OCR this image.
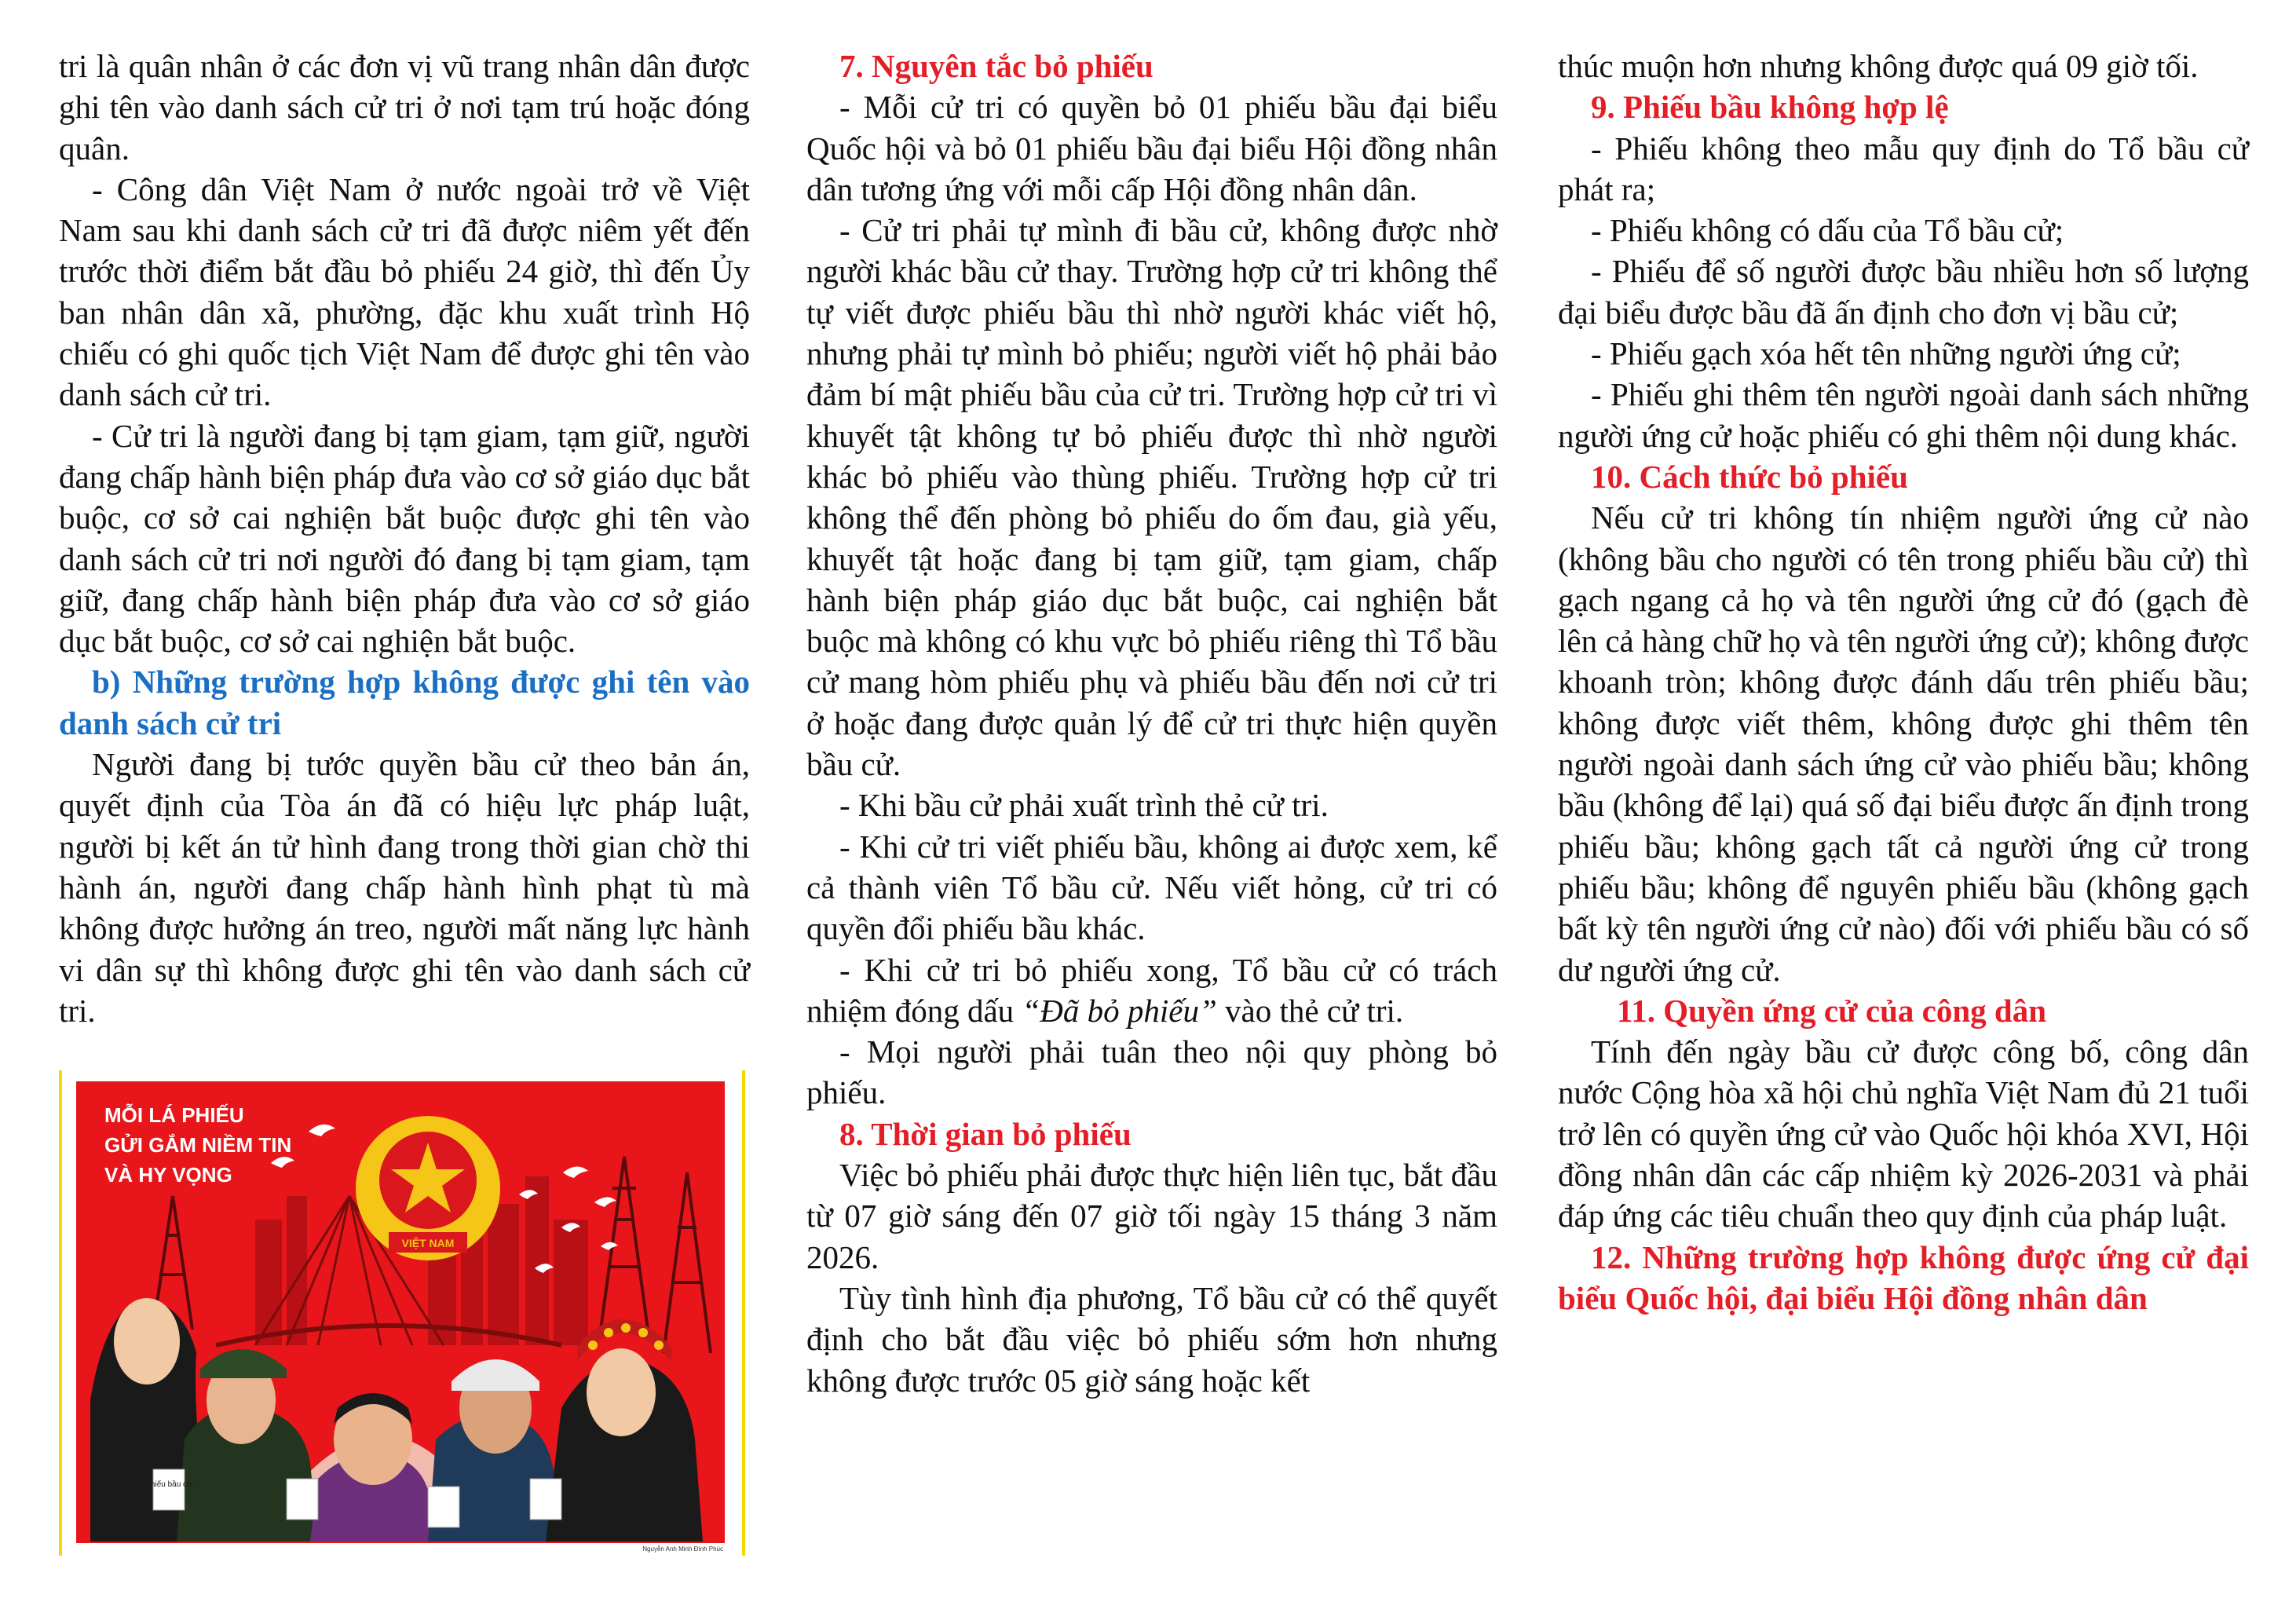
tri là quân nhân ở các đơn vị vũ trang nhân dân được ghi tên vào danh sách cử tri ở nơi tạm trú hoặc đóng quân.

- Công dân Việt Nam ở nước ngoài trở về Việt Nam sau khi danh sách cử tri đã được niêm yết đến trước thời điểm bắt đầu bỏ phiếu 24 giờ, thì đến Ủy ban nhân dân xã, phường, đặc khu xuất trình Hộ chiếu có ghi quốc tịch Việt Nam để được ghi tên vào danh sách cử tri.

- Cử tri là người đang bị tạm giam, tạm giữ, người đang chấp hành biện pháp đưa vào cơ sở giáo dục bắt buộc, cơ sở cai nghiện bắt buộc được ghi tên vào danh sách cử tri nơi người đó đang bị tạm giam, tạm giữ, đang chấp hành biện pháp đưa vào cơ sở giáo dục bắt buộc, cơ sở cai nghiện bắt buộc.

b) Những trường hợp không được ghi tên vào danh sách cử tri

Người đang bị tước quyền bầu cử theo bản án, quyết định của Tòa án đã có hiệu lực pháp luật, người bị kết án tử hình đang trong thời gian chờ thi hành án, người đang chấp hành hình phạt tù mà không được hưởng án treo, người mất năng lực hành vi dân sự thì không được ghi tên vào danh sách cử tri.

MỖI LÁ PHIẾU
GỬI GẮM NIỀM TIN
VÀ HY VỌNG
VIỆT NAM
Phiếu bầu cử
Nguyễn Anh Minh Đình Phúc
7. Nguyên tắc bỏ phiếu

- Mỗi cử tri có quyền bỏ 01 phiếu bầu đại biểu Quốc hội và bỏ 01 phiếu bầu đại biểu Hội đồng nhân dân tương ứng với mỗi cấp Hội đồng nhân dân.

- Cử tri phải tự mình đi bầu cử, không được nhờ người khác bầu cử thay. Trường hợp cử tri không thể tự viết được phiếu bầu thì nhờ người khác viết hộ, nhưng phải tự mình bỏ phiếu; người viết hộ phải bảo đảm bí mật phiếu bầu của cử tri. Trường hợp cử tri vì khuyết tật không tự bỏ phiếu được thì nhờ người khác bỏ phiếu vào thùng phiếu. Trường hợp cử tri không thể đến phòng bỏ phiếu do ốm đau, già yếu, khuyết tật hoặc đang bị tạm giữ, tạm giam, chấp hành biện pháp giáo dục bắt buộc, cai nghiện bắt buộc mà không có khu vực bỏ phiếu riêng thì Tổ bầu cử mang hòm phiếu phụ và phiếu bầu đến nơi cử tri ở hoặc đang được quản lý để cử tri thực hiện quyền bầu cử.

- Khi bầu cử phải xuất trình thẻ cử tri.

- Khi cử tri viết phiếu bầu, không ai được xem, kể cả thành viên Tổ bầu cử. Nếu viết hỏng, cử tri có quyền đổi phiếu bầu khác.

- Khi cử tri bỏ phiếu xong, Tổ bầu cử có trách nhiệm đóng dấu “Đã bỏ phiếu” vào thẻ cử tri.

- Mọi người phải tuân theo nội quy phòng bỏ phiếu.

8. Thời gian bỏ phiếu

Việc bỏ phiếu phải được thực hiện liên tục, bắt đầu từ 07 giờ sáng đến 07 giờ tối ngày 15 tháng 3 năm 2026.

Tùy tình hình địa phương, Tổ bầu cử có thể quyết định cho bắt đầu việc bỏ phiếu sớm hơn nhưng không được trước 05 giờ sáng hoặc kết

thúc muộn hơn nhưng không được quá 09 giờ tối.

9. Phiếu bầu không hợp lệ

- Phiếu không theo mẫu quy định do Tổ bầu cử phát ra;

- Phiếu không có dấu của Tổ bầu cử;

- Phiếu để số người được bầu nhiều hơn số lượng đại biểu được bầu đã ấn định cho đơn vị bầu cử;

- Phiếu gạch xóa hết tên những người ứng cử;

- Phiếu ghi thêm tên người ngoài danh sách những người ứng cử hoặc phiếu có ghi thêm nội dung khác.

10. Cách thức bỏ phiếu

Nếu cử tri không tín nhiệm người ứng cử nào (không bầu cho người có tên trong phiếu bầu cử) thì gạch ngang cả họ và tên người ứng cử đó (gạch đè lên cả hàng chữ họ và tên người ứng cử); không được khoanh tròn; không được đánh dấu trên phiếu bầu; không được viết thêm, không được ghi thêm tên người ngoài danh sách ứng cử vào phiếu bầu; không bầu (không để lại) quá số đại biểu được ấn định trong phiếu bầu; không gạch tất cả người ứng cử trong phiếu bầu; không để nguyên phiếu bầu (không gạch bất kỳ tên người ứng cử nào) đối với phiếu bầu có số dư người ứng cử.

11. Quyền ứng cử của công dân

Tính đến ngày bầu cử được công bố, công dân nước Cộng hòa xã hội chủ nghĩa Việt Nam đủ 21 tuổi trở lên có quyền ứng cử vào Quốc hội khóa XVI, Hội đồng nhân dân các cấp nhiệm kỳ 2026-2031 và phải đáp ứng các tiêu chuẩn theo quy định của pháp luật.

12. Những trường hợp không được ứng cử đại biểu Quốc hội, đại biểu Hội đồng nhân dân
